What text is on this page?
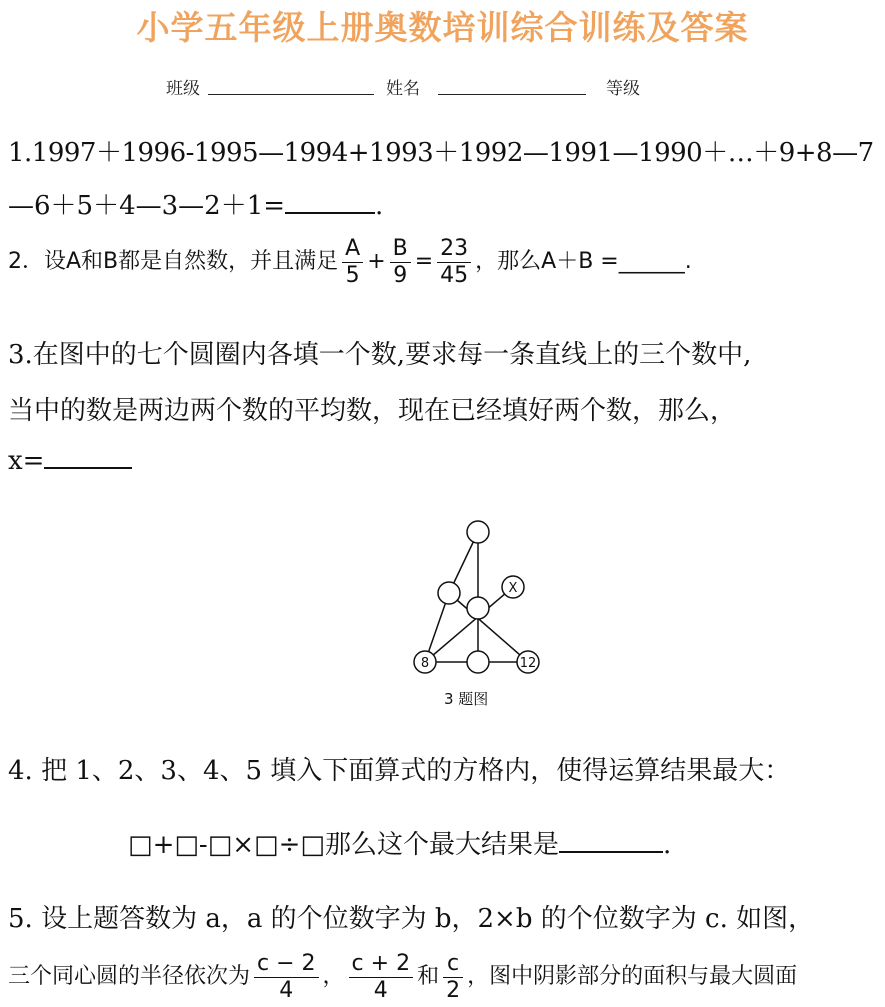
小学五年级上册奥数培训综合训练及答案
班级	姓名	等级
1.1997＋1996-1995—1994+1993＋1992—1991—1990＋…＋9+8—7
—6＋5＋4—3—2＋1=	.
2．设A和B都是自然数，并且满足 $\frac{A}{5} + \frac{B}{9} = \frac{23}{45}$ ，那么A＋B =______.
3.在图中的七个圆圈内各填一个数,要求每一条直线上的三个数中,
当中的数是两边两个数的平均数，现在已经填好两个数，那么，
x=
X
8	12
3 题图
4. 把 1、2、3、4、5 填入下面算式的方格内，使得运算结果最大：
□+□-□×□÷□那么这个最大结果是	.
5. 设上题答数为 a，a 的个位数字为 b，2×b 的个位数字为 c. 如图，
三个同心圆的半径依次为 $\frac{c - 2}{4}$ ， $\frac{c + 2}{4}$ 和 $\frac{c}{2}$ ，图中阴影部分的面积与最大圆面
